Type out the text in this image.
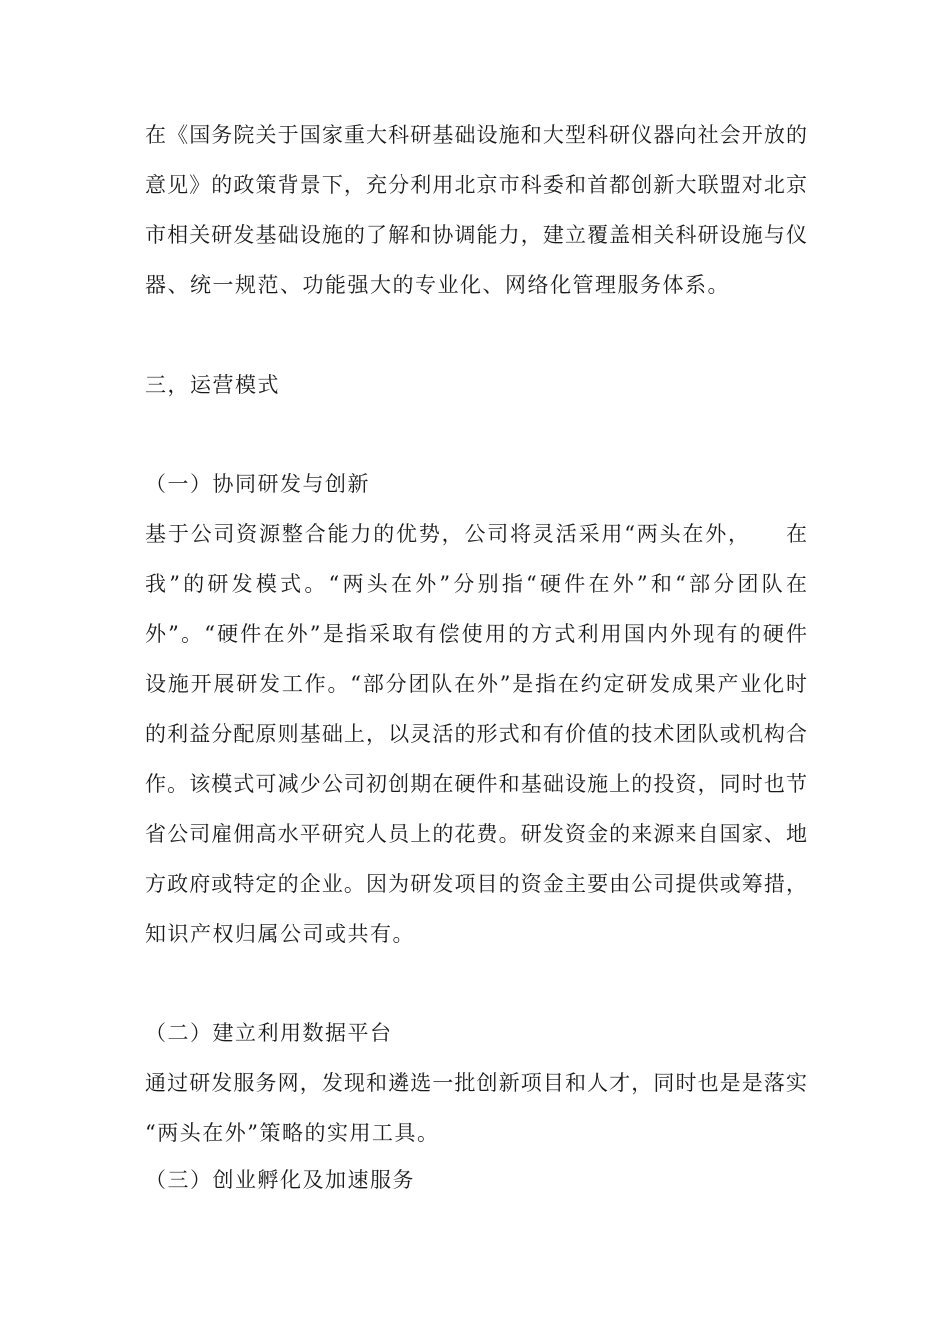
在《国务院关于国家重大科研基础设施和大型科研仪器向社会开放的
意见》的政策背景下，充分利用北京市科委和首都创新大联盟对北京
市相关研发基础设施的了解和协调能力，建立覆盖相关科研设施与仪
器、统一规范、功能强大的专业化、网络化管理服务体系。
三，运营模式
（一）协同研发与创新
基于公司资源整合能力的优势，公司将灵活采用“两头在外，　　在
我”的研发模式。“两头在外”分别指“硬件在外”和“部分团队在
外”。“硬件在外”是指采取有偿使用的方式利用国内外现有的硬件
设施开展研发工作。“部分团队在外”是指在约定研发成果产业化时
的利益分配原则基础上，以灵活的形式和有价值的技术团队或机构合
作。该模式可减少公司初创期在硬件和基础设施上的投资，同时也节
省公司雇佣高水平研究人员上的花费。研发资金的来源来自国家、地
方政府或特定的企业。因为研发项目的资金主要由公司提供或筹措，
知识产权归属公司或共有。
（二）建立利用数据平台
通过研发服务网，发现和遴选一批创新项目和人才，同时也是是落实
“两头在外”策略的实用工具。
（三）创业孵化及加速服务
